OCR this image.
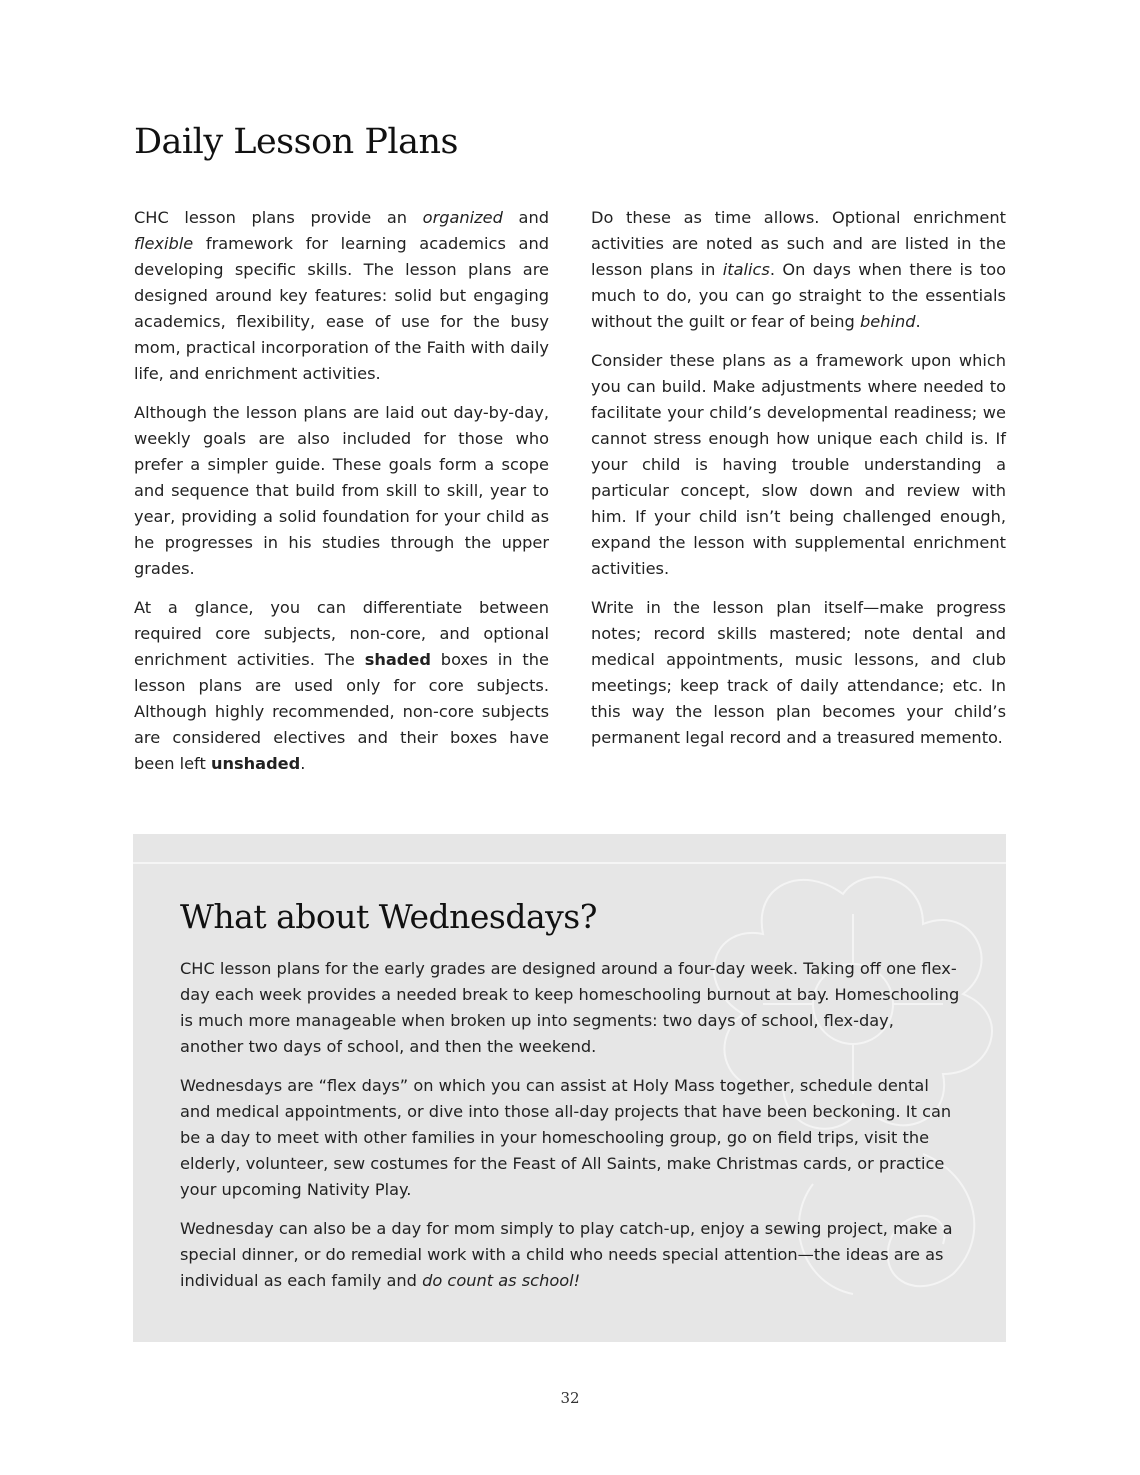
Daily Lesson Plans

CHC lesson plans provide an organized and flexible framework for learning academics and developing specific skills. The lesson plans are designed around key features: solid but engaging academics, flexibility, ease of use for the busy mom, practical incorporation of the Faith with daily life, and enrichment activities.

Although the lesson plans are laid out day-by-day, weekly goals are also included for those who prefer a simpler guide. These goals form a scope and sequence that build from skill to skill, year to year, providing a solid foundation for your child as he progresses in his studies through the upper grades.

At a glance, you can differentiate between required core subjects, non-core, and optional enrichment activities. The shaded boxes in the lesson plans are used only for core subjects. Although highly recommended, non-core subjects are considered electives and their boxes have been left unshaded.

Do these as time allows. Optional enrichment activities are noted as such and are listed in the lesson plans in italics. On days when there is too much to do, you can go straight to the essentials without the guilt or fear of being behind.

Consider these plans as a framework upon which you can build. Make adjustments where needed to facilitate your child’s developmental readiness; we cannot stress enough how unique each child is. If your child is having trouble understanding a particular concept, slow down and review with him. If your child isn’t being challenged enough, expand the lesson with supplemental enrichment activities.

Write in the lesson plan itself—make progress notes; record skills mastered; note dental and medical appointments, music lessons, and club meetings; keep track of daily attendance; etc. In this way the lesson plan becomes your child’s permanent legal record and a treasured memento.

What about Wednesdays?

CHC lesson plans for the early grades are designed around a four-day week. Taking off one flex-day each week provides a needed break to keep homeschooling burnout at bay. Homeschooling is much more manageable when broken up into segments: two days of school, flex-day, another two days of school, and then the weekend.

Wednesdays are “flex days” on which you can assist at Holy Mass together, schedule dental and medical appointments, or dive into those all-day projects that have been beckoning. It can be a day to meet with other families in your homeschooling group, go on field trips, visit the elderly, volunteer, sew costumes for the Feast of All Saints, make Christmas cards, or practice your upcoming Nativity Play.

Wednesday can also be a day for mom simply to play catch-up, enjoy a sewing project, make a special dinner, or do remedial work with a child who needs special attention—the ideas are as individual as each family and do count as school!

32
